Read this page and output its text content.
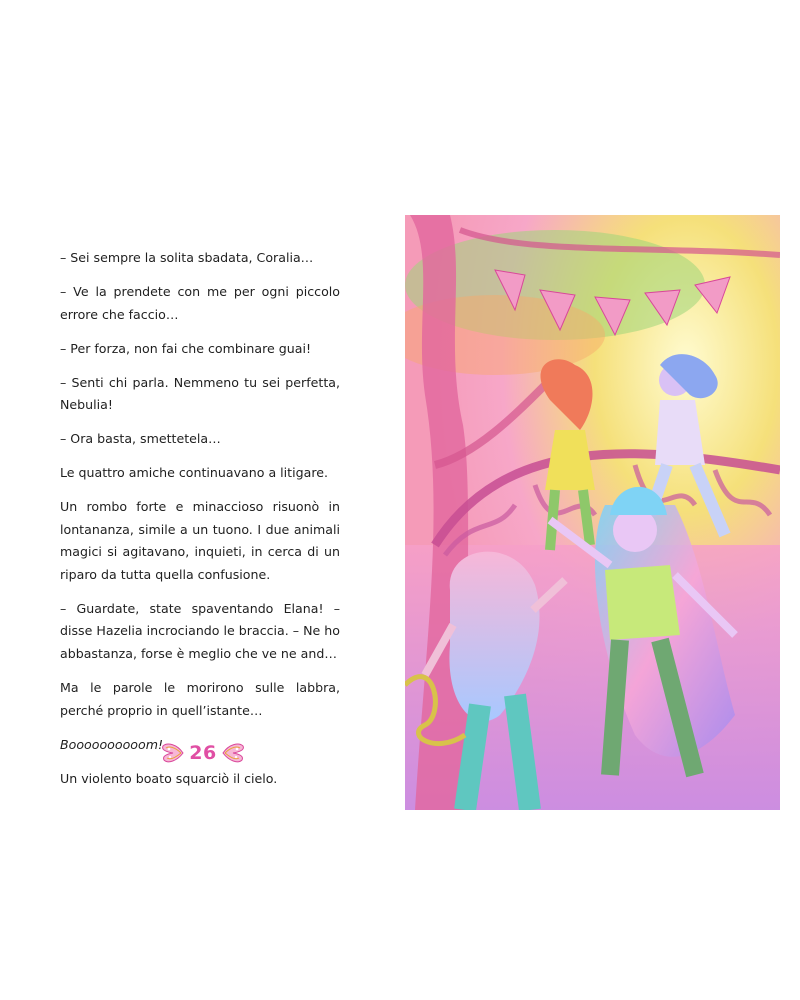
– Sei sempre la solita sbadata, Coralia…

– Ve la prendete con me per ogni piccolo errore che faccio…

– Per forza, non fai che combinare guai!

– Senti chi parla. Nemmeno tu sei perfetta, Nebulia!

– Ora basta, smettetela…

Le quattro amiche continuavano a litigare.

Un rombo forte e minaccioso risuonò in lontananza, simile a un tuono. I due animali magici si agitavano, inquieti, in cerca di un riparo da tutta quella confusione.

– Guardate, state spaventando Elana! – disse Hazelia incrociando le braccia. – Ne ho abbastanza, forse è meglio che ve ne and…

Ma le parole le morirono sulle labbra, perché proprio in quell’istante…

Boooooooooom!

Un violento boato squarciò il cielo.

26
